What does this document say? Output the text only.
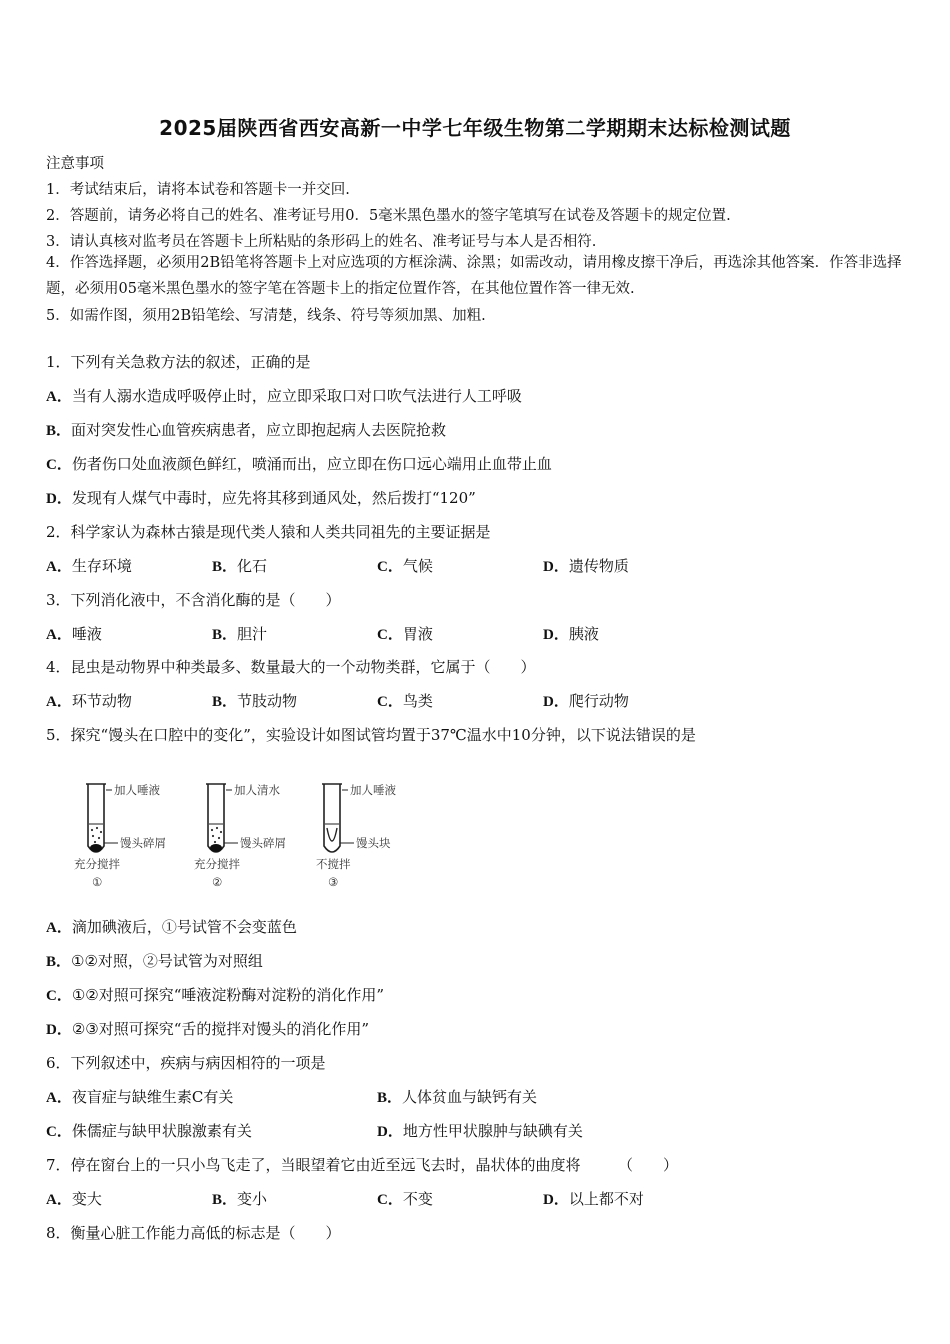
2025届陕西省西安高新一中学七年级生物第二学期期末达标检测试题
注意事项
1．考试结束后，请将本试卷和答题卡一并交回.
2．答题前，请务必将自己的姓名、准考证号用0．5毫米黑色墨水的签字笔填写在试卷及答题卡的规定位置.
3．请认真核对监考员在答题卡上所粘贴的条形码上的姓名、准考证号与本人是否相符.
4．作答选择题，必须用2B铅笔将答题卡上对应选项的方框涂满、涂黑；如需改动，请用橡皮擦干净后，再选涂其他答案．作答非选择题，必须用05毫米黑色墨水的签字笔在答题卡上的指定位置作答，在其他位置作答一律无效.
5．如需作图，须用2B铅笔绘、写清楚，线条、符号等须加黑、加粗.
1．下列有关急救方法的叙述，正确的是
A．当有人溺水造成呼吸停止时，应立即采取口对口吹气法进行人工呼吸
B．面对突发性心血管疾病患者，应立即抱起病人去医院抢救
C．伤者伤口处血液颜色鲜红，喷涌而出，应立即在伤口远心端用止血带止血
D．发现有人煤气中毒时，应先将其移到通风处，然后拨打“120”
2．科学家认为森林古猿是现代类人猿和人类共同祖先的主要证据是
A．生存环境	B．化石	C．气候	D．遗传物质
3．下列消化液中，不含消化酶的是（　　）
A．唾液	B．胆汁	C．胃液	D．胰液
4．昆虫是动物界中种类最多、数量最大的一个动物类群，它属于（　　）
A．环节动物	B．节肢动物	C．鸟类	D．爬行动物
5．探究“馒头在口腔中的变化”，实验设计如图试管均置于37℃温水中10分钟，以下说法错误的是
加人唾液
馒头碎屑
充分搅拌
①
加人清水
馒头碎屑
充分搅拌
②
加人唾液
馒头块
不搅拌
③
A．滴加碘液后，①号试管不会变蓝色
B．①②对照，②号试管为对照组
C．①②对照可探究“唾液淀粉酶对淀粉的消化作用”
D．②③对照可探究“舌的搅拌对馒头的消化作用”
6．下列叙述中，疾病与病因相符的一项是
A．夜盲症与缺维生素C有关	B．人体贫血与缺钙有关
C．侏儒症与缺甲状腺激素有关	D．地方性甲状腺肿与缺碘有关
7．停在窗台上的一只小鸟飞走了，当眼望着它由近至远飞去时，晶状体的曲度将　　　（　　）
A．变大	B．变小	C．不变	D．以上都不对
8．衡量心脏工作能力高低的标志是（　　）
